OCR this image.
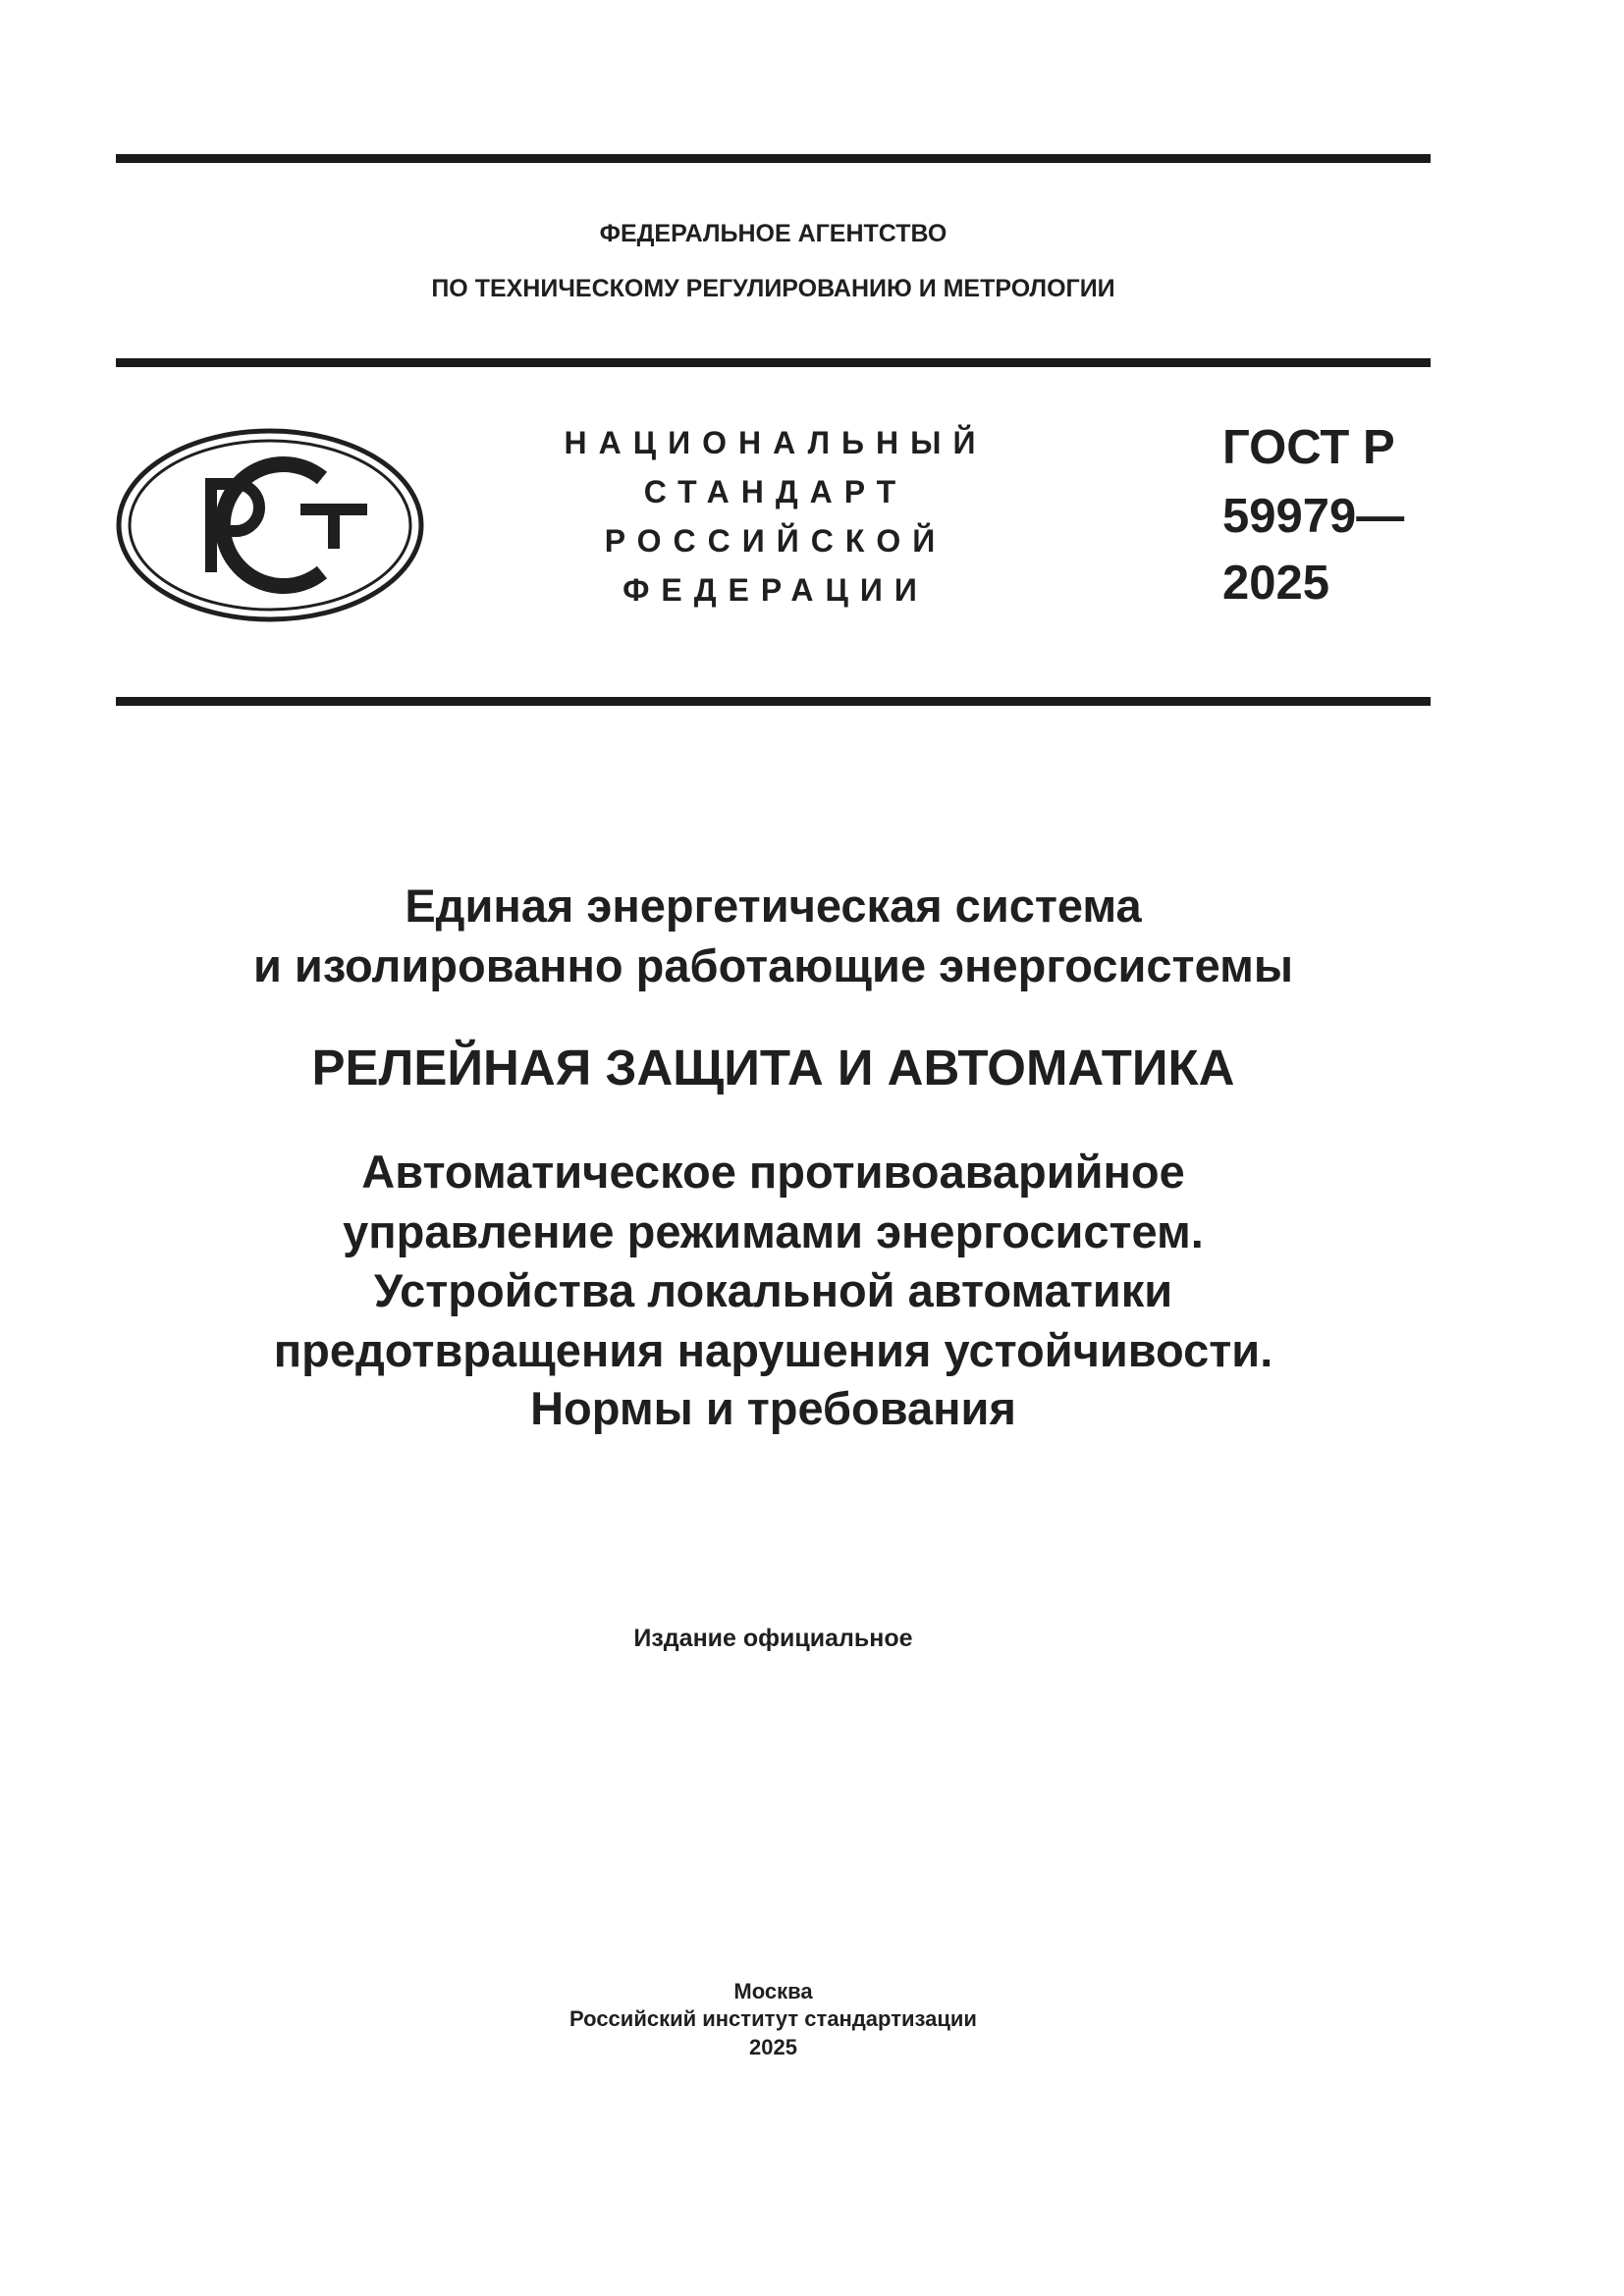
ФЕДЕРАЛЬНОЕ АГЕНТСТВО
ПО ТЕХНИЧЕСКОМУ РЕГУЛИРОВАНИЮ И МЕТРОЛОГИИ
НАЦИОНАЛЬНЫЙ
СТАНДАРТ
РОССИЙСКОЙ
ФЕДЕРАЦИИ
ГОСТ Р
59979—
2025
Единая энергетическая система
и изолированно работающие энергосистемы
РЕЛЕЙНАЯ ЗАЩИТА И АВТОМАТИКА
Автоматическое противоаварийное
управление режимами энергосистем.
Устройства локальной автоматики
предотвращения нарушения устойчивости.
Нормы и требования
Издание официальное
Москва
Российский институт стандартизации
2025
